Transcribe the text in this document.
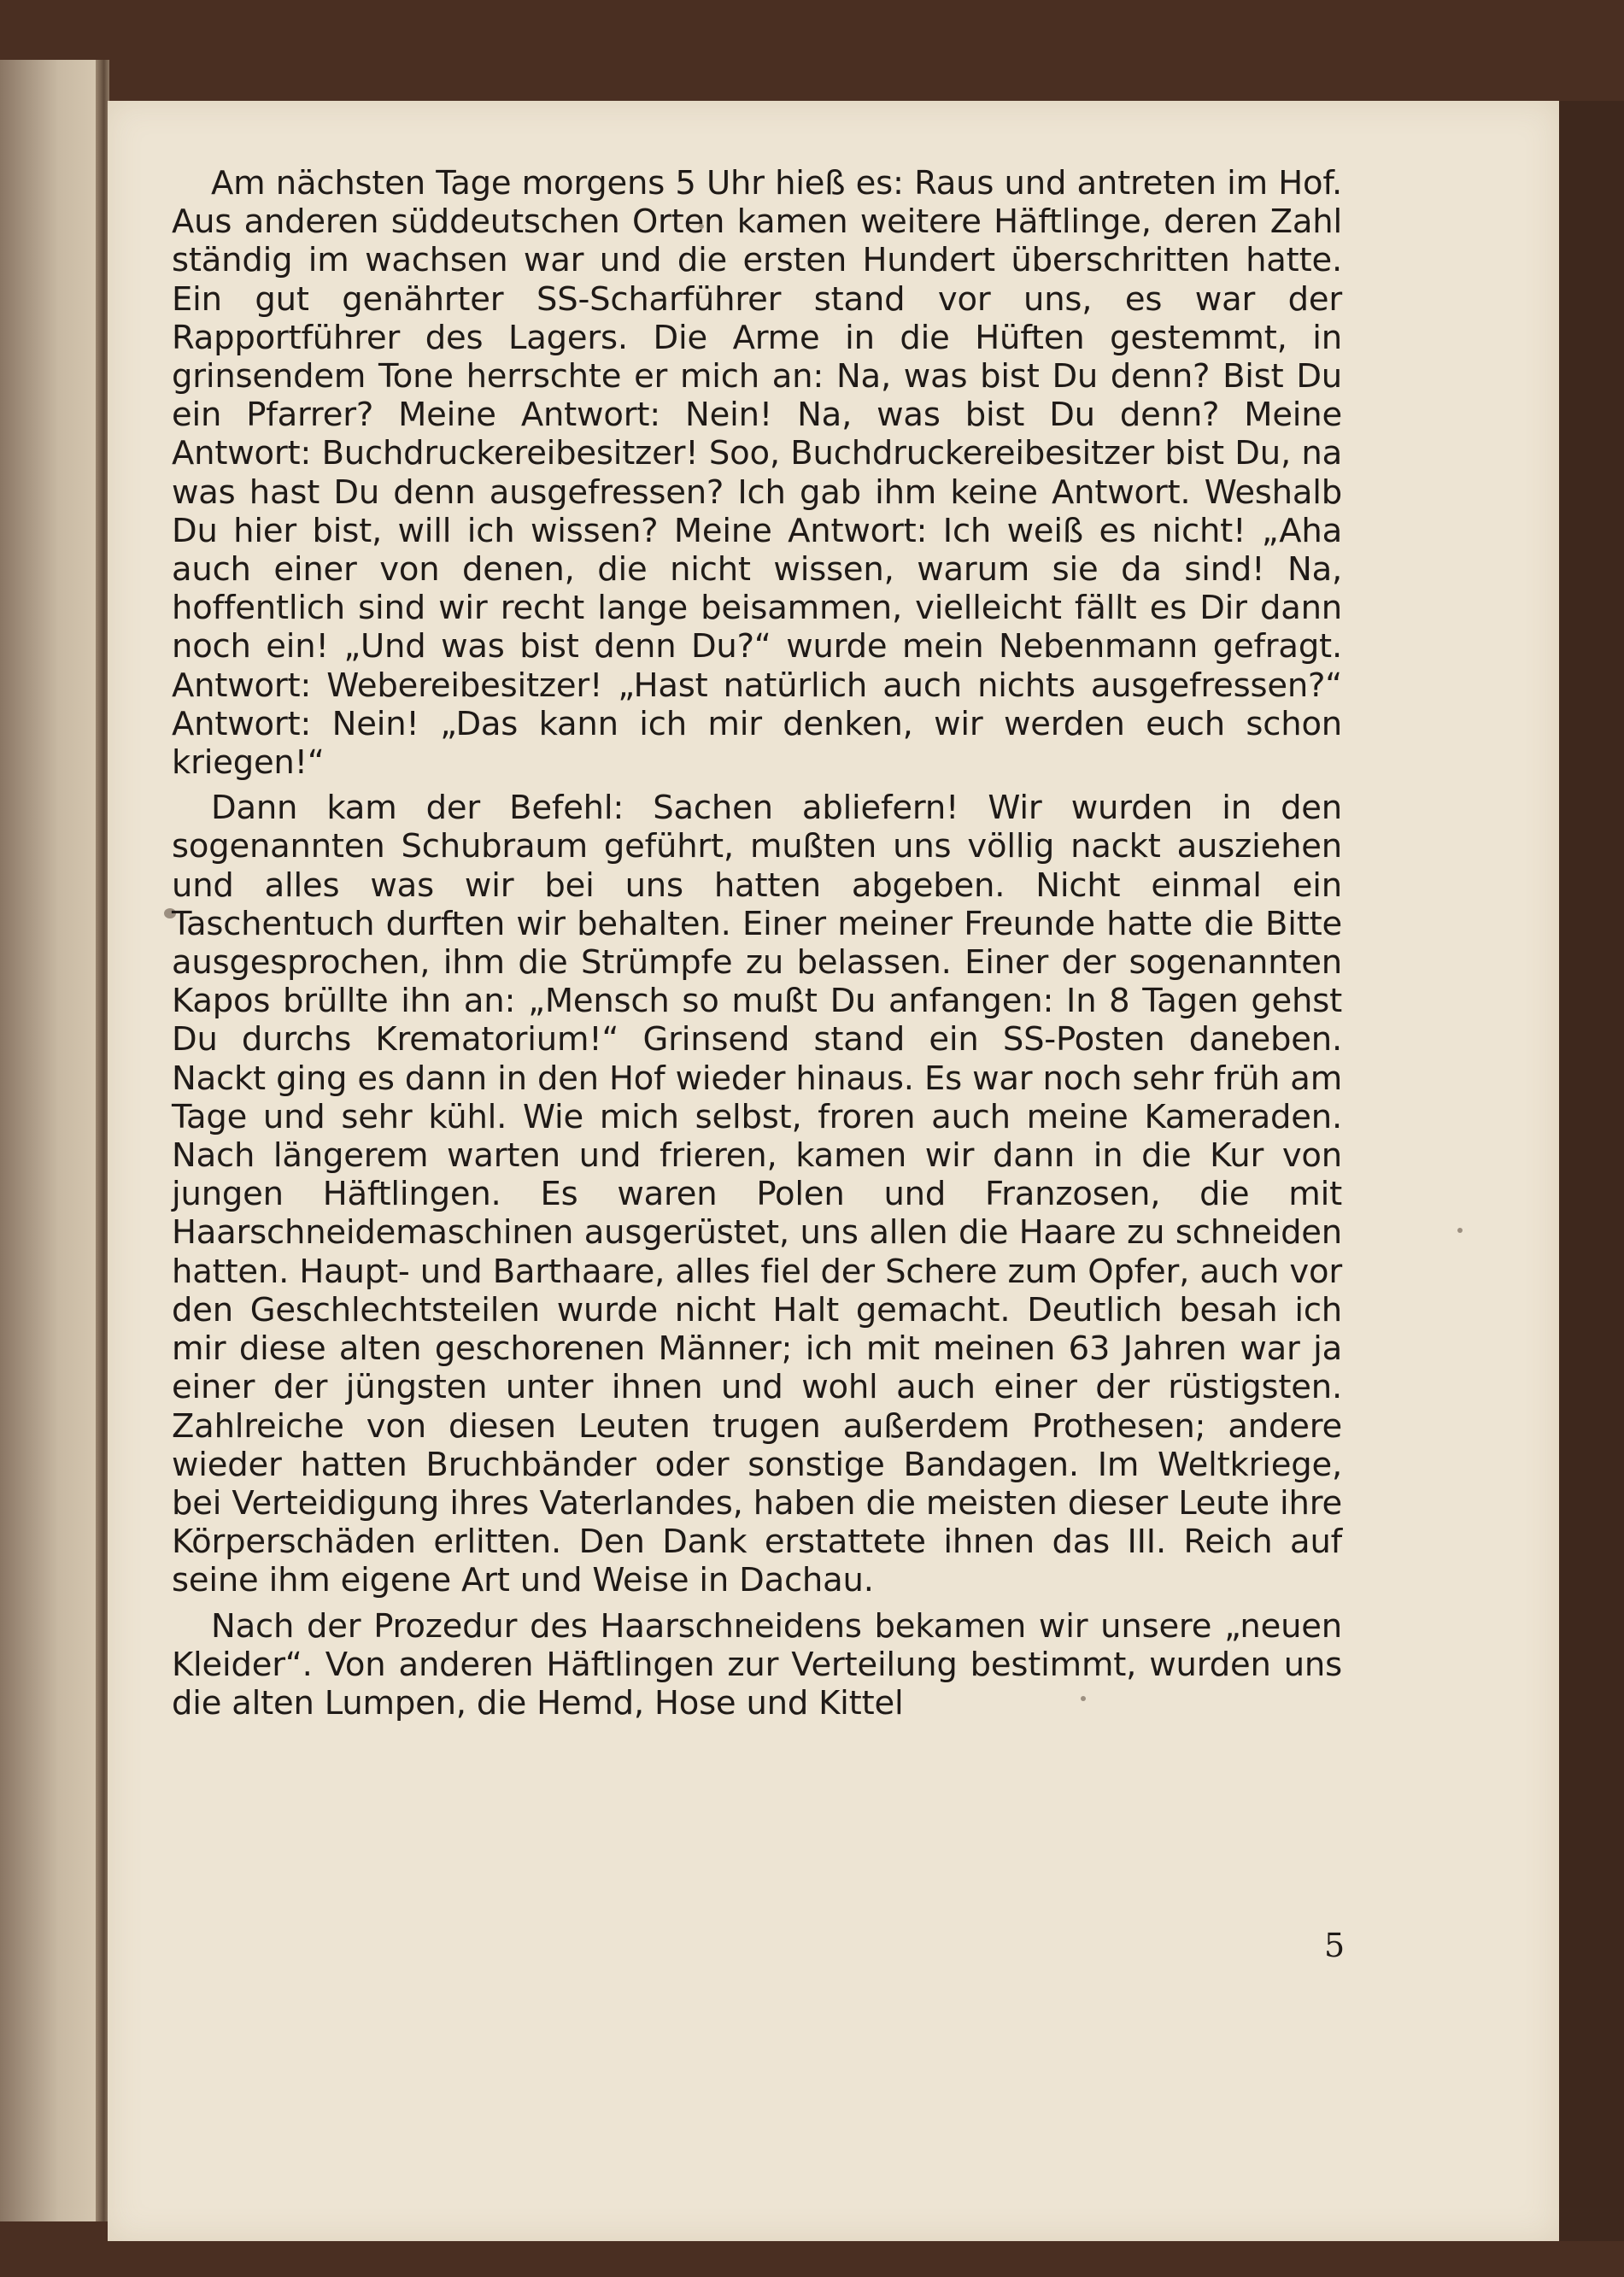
Am nächsten Tage morgens 5 Uhr hieß es: Raus und antreten im Hof. Aus anderen süddeutschen Orten kamen weitere Häftlinge, deren Zahl ständig im wachsen war und die ersten Hundert überschritten hatte. Ein gut genährter SS-Scharführer stand vor uns, es war der Rapportführer des Lagers. Die Arme in die Hüften gestemmt, in grinsendem Tone herrschte er mich an: Na, was bist Du denn? Bist Du ein Pfarrer? Meine Antwort: Nein! Na, was bist Du denn? Meine Antwort: Buchdruckereibesitzer! Soo, Buchdruckereibesitzer bist Du, na was hast Du denn ausgefressen? Ich gab ihm keine Antwort. Weshalb Du hier bist, will ich wissen? Meine Antwort: Ich weiß es nicht! „Aha auch einer von denen, die nicht wissen, warum sie da sind! Na, hoffentlich sind wir recht lange beisammen, vielleicht fällt es Dir dann noch ein! „Und was bist denn Du?“ wurde mein Nebenmann gefragt. Antwort: Webereibesitzer! „Hast natürlich auch nichts ausgefressen?“ Antwort: Nein! „Das kann ich mir denken, wir werden euch schon kriegen!“

Dann kam der Befehl: Sachen abliefern! Wir wurden in den sogenannten Schubraum geführt, mußten uns völlig nackt ausziehen und alles was wir bei uns hatten abgeben. Nicht einmal ein Taschentuch durften wir behalten. Einer meiner Freunde hatte die Bitte ausgesprochen, ihm die Strümpfe zu belassen. Einer der sogenannten Kapos brüllte ihn an: „Mensch so mußt Du anfangen: In 8 Tagen gehst Du durchs Krematorium!“ Grinsend stand ein SS-Posten daneben. Nackt ging es dann in den Hof wieder hinaus. Es war noch sehr früh am Tage und sehr kühl. Wie mich selbst, froren auch meine Kameraden. Nach längerem warten und frieren, kamen wir dann in die Kur von jungen Häftlingen. Es waren Polen und Franzosen, die mit Haarschneidemaschinen ausgerüstet, uns allen die Haare zu schneiden hatten. Haupt- und Barthaare, alles fiel der Schere zum Opfer, auch vor den Geschlechtsteilen wurde nicht Halt gemacht. Deutlich besah ich mir diese alten geschorenen Männer; ich mit meinen 63 Jahren war ja einer der jüngsten unter ihnen und wohl auch einer der rüstigsten. Zahlreiche von diesen Leuten trugen außerdem Prothesen; andere wieder hatten Bruchbänder oder sonstige Bandagen. Im Weltkriege, bei Verteidigung ihres Vaterlandes, haben die meisten dieser Leute ihre Körperschäden erlitten. Den Dank erstattete ihnen das III. Reich auf seine ihm eigene Art und Weise in Dachau.

Nach der Prozedur des Haarschneidens bekamen wir unsere „neuen Kleider“. Von anderen Häftlingen zur Verteilung bestimmt, wurden uns die alten Lumpen, die Hemd, Hose und Kittel

5
